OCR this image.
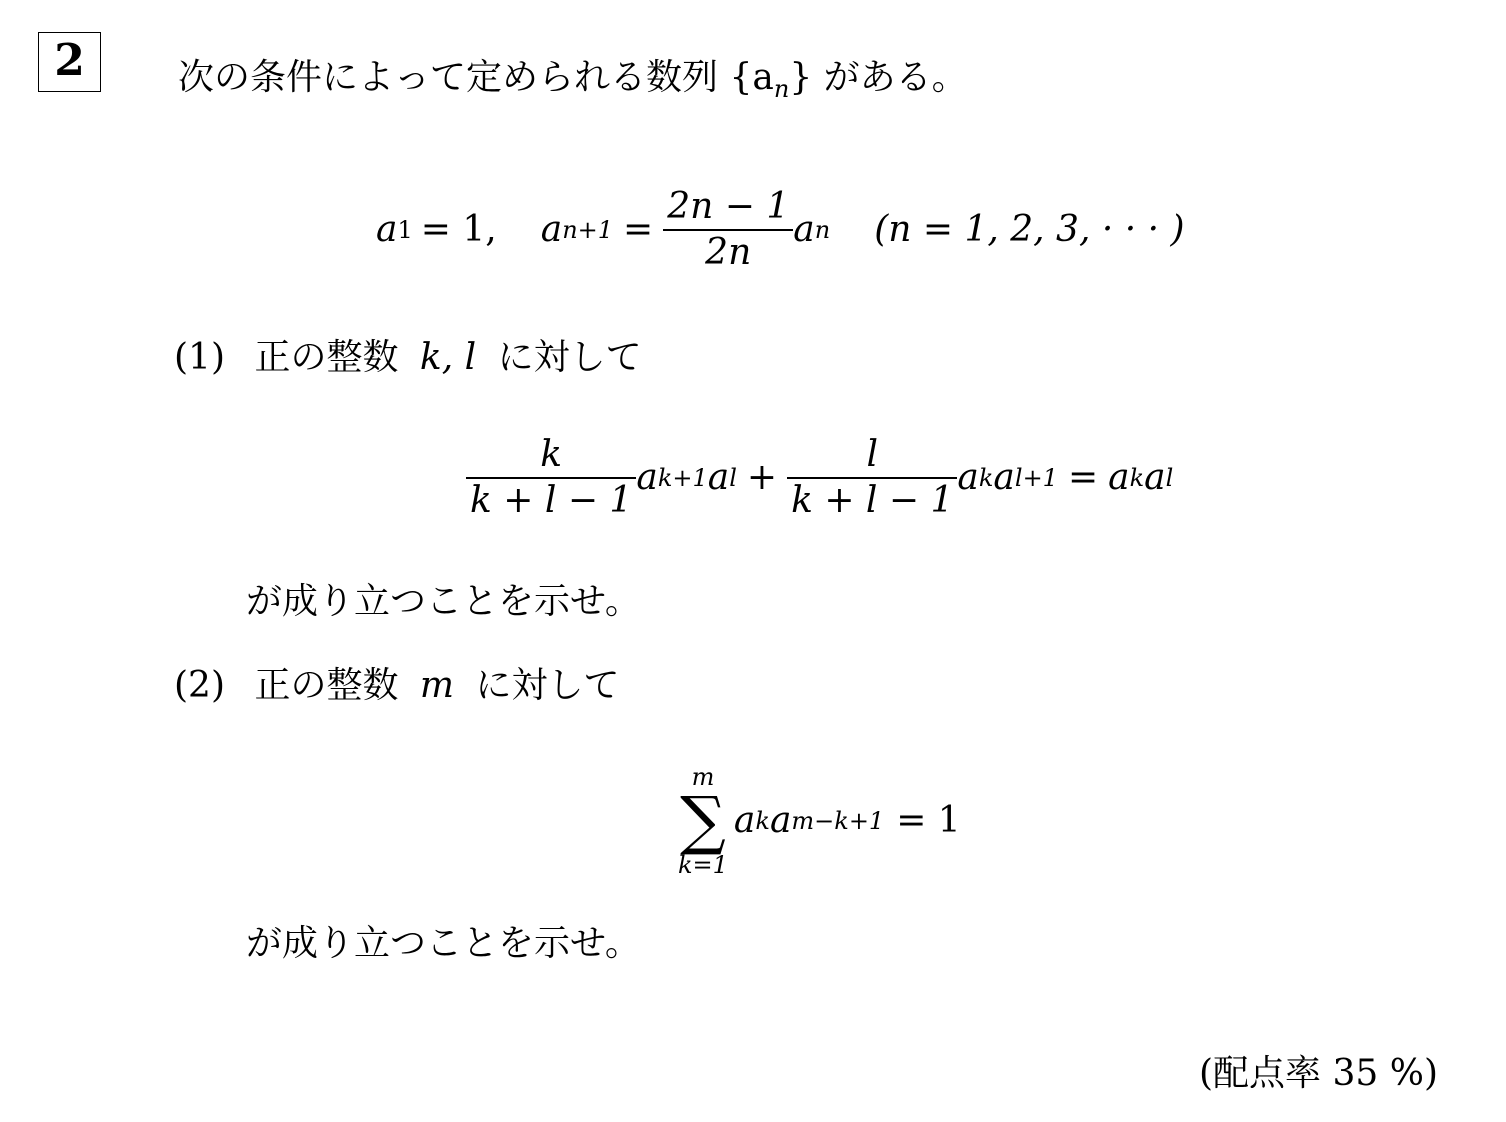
2	次の条件によって定められる数列 $\{a_n\}$ がある。
a 1 = 1, a $n+1 = \frac{2n - 1}{2n}$ a n (n = 1, 2, 3, · · · )
(1) 正の整数 k, l に対して
$\frac{k}{k + l - 1}$ a k+1 a $l + \frac{l}{k + l - 1}$ a k a l+1 = a k a l
が成り立つことを示せ。
(2) 正の整数 m に対して
m
∑
k=1
a k a m−k+1 = 1
が成り立つことを示せ。
(配点率 35 %)
